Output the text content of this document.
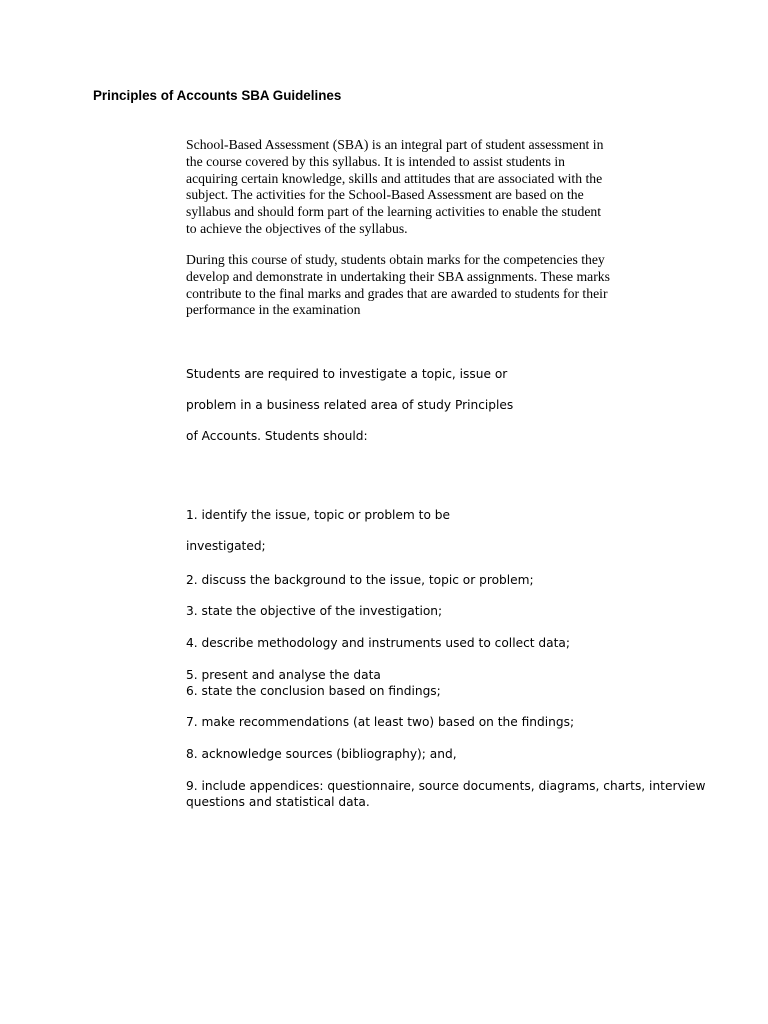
Principles of Accounts SBA Guidelines
School-Based Assessment (SBA) is an integral part of student assessment in
the course covered by this syllabus. It is intended to assist students in
acquiring certain knowledge, skills and attitudes that are associated with the
subject. The activities for the School-Based Assessment are based on the
syllabus and should form part of the learning activities to enable the student
to achieve the objectives of the syllabus.
During this course of study, students obtain marks for the competencies they
develop and demonstrate in undertaking their SBA assignments. These marks
contribute to the final marks and grades that are awarded to students for their
performance in the examination
Students are required to investigate a topic, issue or
problem in a business related area of study Principles
of Accounts. Students should:
1. identify the issue, topic or problem to be
investigated;
2. discuss the background to the issue, topic or problem;
3. state the objective of the investigation;
4. describe methodology and instruments used to collect data;
5. present and analyse the data
6. state the conclusion based on findings;
7. make recommendations (at least two) based on the findings;
8. acknowledge sources (bibliography); and,
9. include appendices: questionnaire, source documents, diagrams, charts, interview
questions and statistical data.
